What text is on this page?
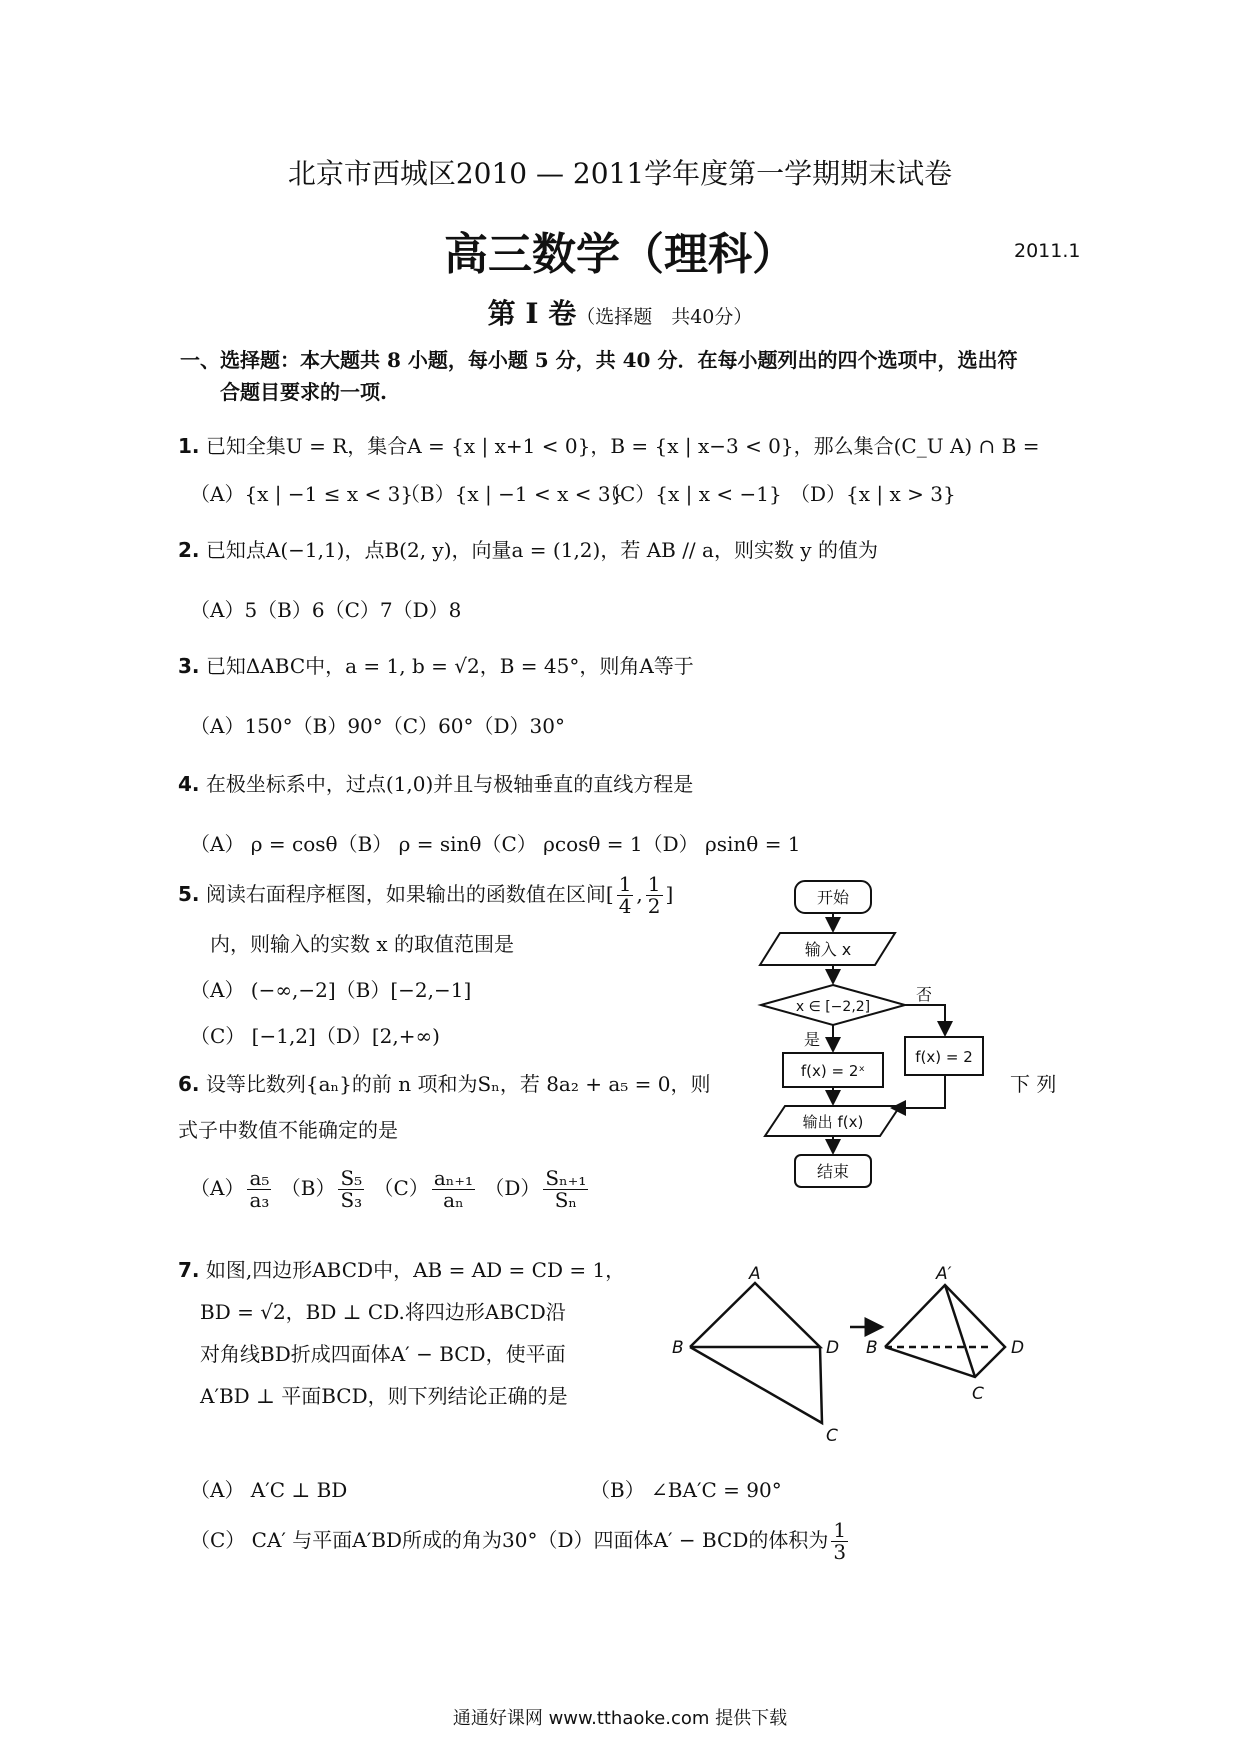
北京市西城区2010 — 2011学年度第一学期期末试卷
高三数学（理科）	2011.1
第 I 卷（选择题　共40分）
一、选择题：本大题共 8 小题，每小题 5 分，共 40 分．在每小题列出的四个选项中，选出符
合题目要求的一项.
1. 已知全集U = R，集合A = {x | x+1 < 0}，B = {x | x−3 < 0}，那么集合(C_U A) ∩ B =
（A）{x | −1 ≤ x < 3}
（B）{x | −1 < x < 3}
（C）{x | x < −1} （D）{x | x > 3}
2. 已知点A(−1,1)，点B(2, y)，向量a = (1,2)，若 AB // a，则实数 y 的值为
（A）5（B）6（C）7（D）8
3. 已知ΔABC中，a = 1, b = √2，B = 45°，则角A等于
（A）150°（B）90°（C）60°（D）30°
4. 在极坐标系中，过点(1,0)并且与极轴垂直的直线方程是
（A） ρ = cosθ（B） ρ = sinθ（C） ρcosθ = 1（D） ρsinθ = 1
5. 阅读右面程序框图，如果输出的函数值在区间[ $\frac{1}{4}$ , $\frac{1}{2}$ ]
内，则输入的实数 x 的取值范围是
（A） (−∞,−2]（B）[−2,−1]
（C） [−1,2]（D）[2,+∞)
6. 设等比数列{aₙ}的前 n 项和为Sₙ，若 8a₂ + a₅ = 0，则	下 列
式子中数值不能确定的是
$(A) \frac{\text{a₅}}{\text{a₃}} (B) \frac{\text{S₅}}{\text{S₃}} (C) \frac{\text{aₙ₊₁}}{\text{aₙ}} (D) \frac{\text{Sₙ₊₁}}{\text{Sₙ}}$
7. 如图,四边形ABCD中，AB = AD = CD = 1，
BD = √2，BD ⊥ CD.将四边形ABCD沿
对角线BD折成四面体A′ − BCD，使平面
A′BD ⊥ 平面BCD，则下列结论正确的是
（A） A′C ⊥ BD	（B） ∠BA′C = 90°
（C） CA′ 与平面A′BD所成的角为30°（D）四面体A′ − BCD的体积为 $\frac{1}{3}$
开始
输入 x
x ∈ [−2,2]
否
是
f(x) = 2
f(x) = 2ˣ
输出 f(x)
结束
A
B	D
C
A′
B	D
C
通通好课网 www.tthaoke.com 提供下载
